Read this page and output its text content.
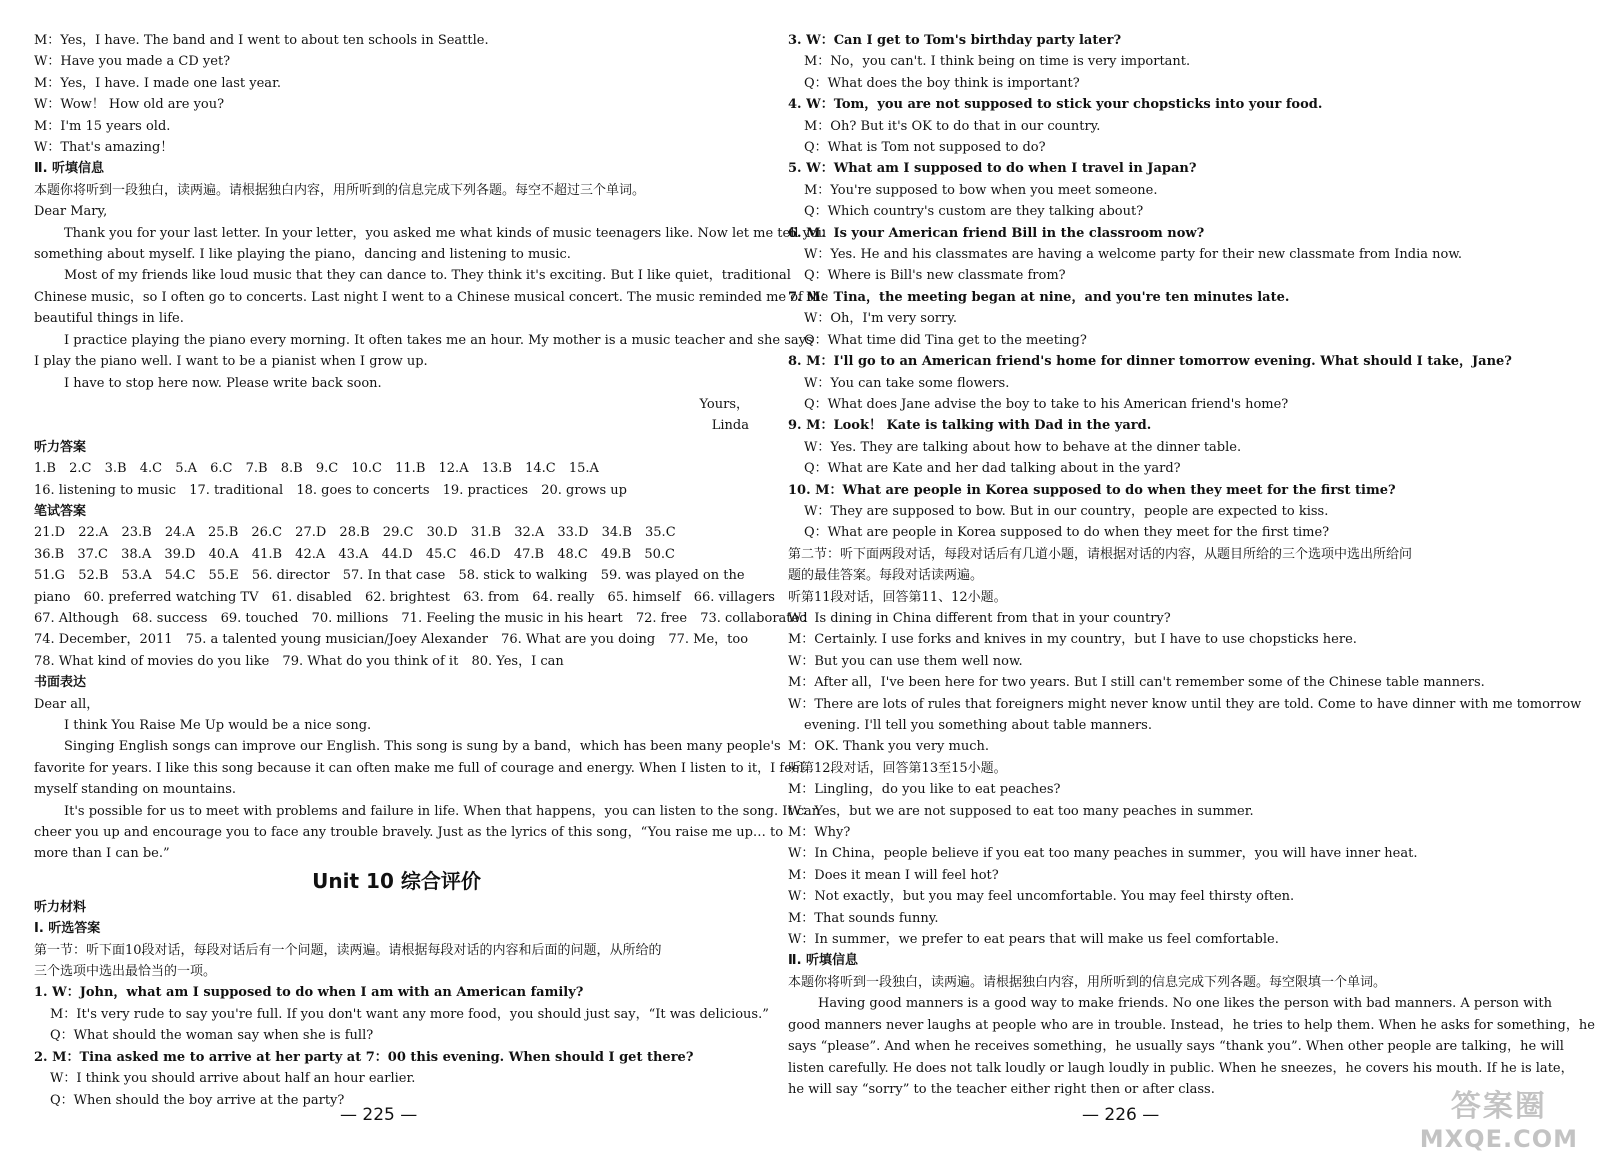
M：Yes，I have. The band and I went to about ten schools in Seattle.
W：Have you made a CD yet?
M：Yes，I have. I made one last year.
W：Wow！ How old are you?
M：I'm 15 years old.
W：That's amazing！
Ⅱ. 听填信息
本题你将听到一段独白，读两遍。请根据独白内容，用所听到的信息完成下列各题。每空不超过三个单词。
Dear Mary,
Thank you for your last letter. In your letter，you asked me what kinds of music teenagers like. Now let me tell you
something about myself. I like playing the piano，dancing and listening to music.
Most of my friends like loud music that they can dance to. They think it's exciting. But I like quiet，traditional
Chinese music，so I often go to concerts. Last night I went to a Chinese musical concert. The music reminded me of the
beautiful things in life.
I practice playing the piano every morning. It often takes me an hour. My mother is a music teacher and she says
I play the piano well. I want to be a pianist when I grow up.
I have to stop here now. Please write back soon.
Yours，
Linda
听力答案
1.B 2.C 3.B 4.C 5.A 6.C 7.B 8.B 9.C 10.C 11.B 12.A 13.B 14.C 15.A
16. listening to music 17. traditional 18. goes to concerts 19. practices 20. grows up
笔试答案
21.D 22.A 23.B 24.A 25.B 26.C 27.D 28.B 29.C 30.D 31.B 32.A 33.D 34.B 35.C
36.B 37.C 38.A 39.D 40.A 41.B 42.A 43.A 44.D 45.C 46.D 47.B 48.C 49.B 50.C
51.G 52.B 53.A 54.C 55.E 56. director 57. In that case 58. stick to walking 59. was played on the
piano 60. preferred watching TV 61. disabled 62. brightest 63. from 64. really 65. himself 66. villagers
67. Although 68. success 69. touched 70. millions 71. Feeling the music in his heart 72. free 73. collaborated
74. December，2011 75. a talented young musician/Joey Alexander 76. What are you doing 77. Me，too
78. What kind of movies do you like 79. What do you think of it 80. Yes，I can
书面表达
Dear all，
I think You Raise Me Up would be a nice song.
Singing English songs can improve our English. This song is sung by a band，which has been many people's
favorite for years. I like this song because it can often make me full of courage and energy. When I listen to it，I feel
myself standing on mountains.
It's possible for us to meet with problems and failure in life. When that happens，you can listen to the song. It can
cheer you up and encourage you to face any trouble bravely. Just as the lyrics of this song，“You raise me up… to
more than I can be.”
Unit 10 综合评价
听力材料
Ⅰ. 听选答案
第一节：听下面10段对话，每段对话后有一个问题，读两遍。请根据每段对话的内容和后面的问题，从所给的
三个选项中选出最恰当的一项。
1. W：John，what am I supposed to do when I am with an American family?
M：It's very rude to say you're full. If you don't want any more food，you should just say，“It was delicious.”
Q：What should the woman say when she is full?
2. M：Tina asked me to arrive at her party at 7：00 this evening. When should I get there?
W：I think you should arrive about half an hour earlier.
Q：When should the boy arrive at the party?
— 225 —
3. W：Can I get to Tom's birthday party later?
M：No，you can't. I think being on time is very important.
Q：What does the boy think is important?
4. W：Tom，you are not supposed to stick your chopsticks into your food.
M：Oh? But it's OK to do that in our country.
Q：What is Tom not supposed to do?
5. W：What am I supposed to do when I travel in Japan?
M：You're supposed to bow when you meet someone.
Q：Which country's custom are they talking about?
6. M：Is your American friend Bill in the classroom now?
W：Yes. He and his classmates are having a welcome party for their new classmate from India now.
Q：Where is Bill's new classmate from?
7. M：Tina，the meeting began at nine，and you're ten minutes late.
W：Oh，I'm very sorry.
Q：What time did Tina get to the meeting?
8. M：I'll go to an American friend's home for dinner tomorrow evening. What should I take，Jane?
W：You can take some flowers.
Q：What does Jane advise the boy to take to his American friend's home?
9. M：Look！ Kate is talking with Dad in the yard.
W：Yes. They are talking about how to behave at the dinner table.
Q：What are Kate and her dad talking about in the yard?
10. M：What are people in Korea supposed to do when they meet for the first time?
W：They are supposed to bow. But in our country，people are expected to kiss.
Q：What are people in Korea supposed to do when they meet for the first time?
第二节：听下面两段对话，每段对话后有几道小题，请根据对话的内容，从题目所给的三个选项中选出所给问
题的最佳答案。每段对话读两遍。
听第11段对话，回答第11、12小题。
W：Is dining in China different from that in your country?
M：Certainly. I use forks and knives in my country，but I have to use chopsticks here.
W：But you can use them well now.
M：After all，I've been here for two years. But I still can't remember some of the Chinese table manners.
W：There are lots of rules that foreigners might never know until they are told. Come to have dinner with me tomorrow
evening. I'll tell you something about table manners.
M：OK. Thank you very much.
听第12段对话，回答第13至15小题。
M：Lingling，do you like to eat peaches?
W：Yes，but we are not supposed to eat too many peaches in summer.
M：Why?
W：In China，people believe if you eat too many peaches in summer，you will have inner heat.
M：Does it mean I will feel hot?
W：Not exactly，but you may feel uncomfortable. You may feel thirsty often.
M：That sounds funny.
W：In summer，we prefer to eat pears that will make us feel comfortable.
Ⅱ. 听填信息
本题你将听到一段独白，读两遍。请根据独白内容，用所听到的信息完成下列各题。每空限填一个单词。
Having good manners is a good way to make friends. No one likes the person with bad manners. A person with
good manners never laughs at people who are in trouble. Instead，he tries to help them. When he asks for something，he
says “please”. And when he receives something，he usually says “thank you”. When other people are talking，he will
listen carefully. He does not talk loudly or laugh loudly in public. When he sneezes，he covers his mouth. If he is late，
he will say “sorry” to the teacher either right then or after class.
— 226 —	答案圈
MXQE.COM
